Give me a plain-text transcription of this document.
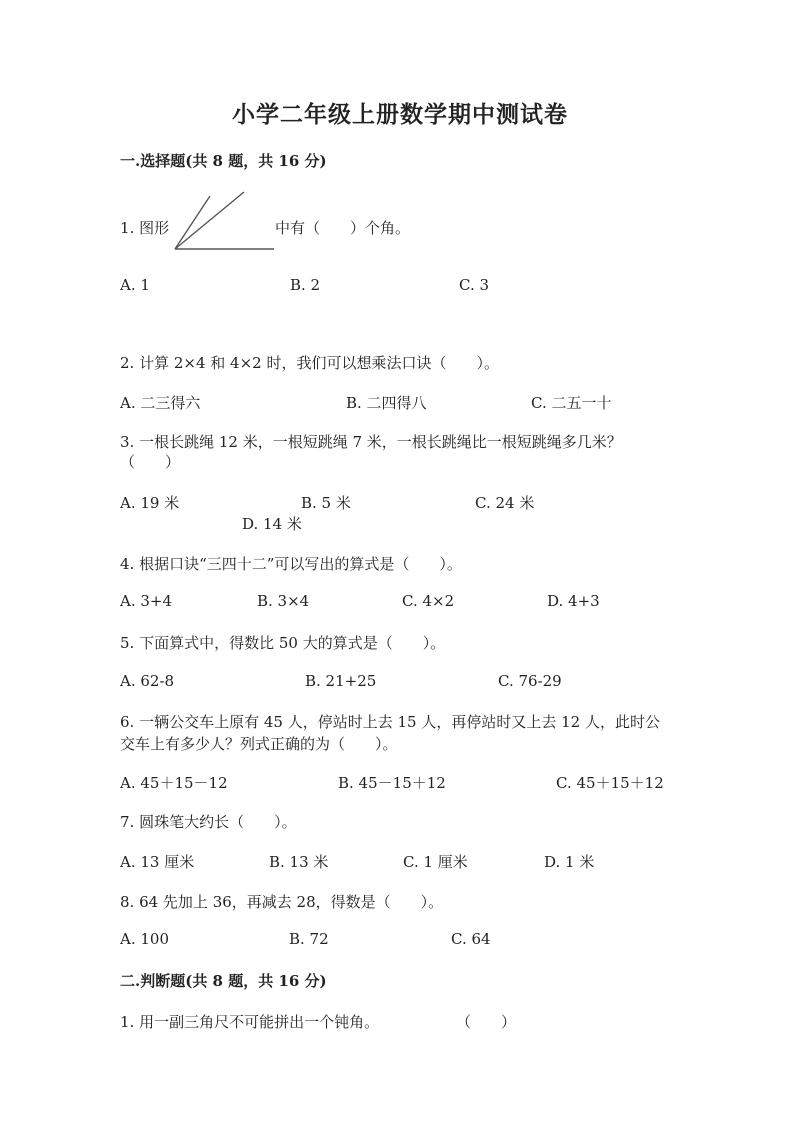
小学二年级上册数学期中测试卷
一.选择题(共 8 题，共 16 分)
1. 图形	中有（　　）个角。
A. 1	B. 2	C. 3
2. 计算 2×4 和 4×2 时，我们可以想乘法口诀（　　）。
A. 二三得六	B. 二四得八	C. 二五一十
3. 一根长跳绳 12 米，一根短跳绳 7 米，一根长跳绳比一根短跳绳多几米？
（　　）
A. 19 米	B. 5 米	C. 24 米
D. 14 米
4. 根据口诀“三四十二”可以写出的算式是（　　）。
A. 3+4	B. 3×4	C. 4×2	D. 4+3
5. 下面算式中，得数比 50 大的算式是（　　）。
A. 62-8	B. 21+25	C. 76-29
6. 一辆公交车上原有 45 人，停站时上去 15 人，再停站时又上去 12 人，此时公
交车上有多少人？列式正确的为（　　）。
A. 45＋15－12	B. 45－15＋12	C. 45＋15＋12
7. 圆珠笔大约长（　　）。
A. 13 厘米	B. 13 米	C. 1 厘米	D. 1 米
8. 64 先加上 36，再减去 28，得数是（　　）。
A. 100	B. 72	C. 64
二.判断题(共 8 题，共 16 分)
1. 用一副三角尺不可能拼出一个钝角。	（　　）
